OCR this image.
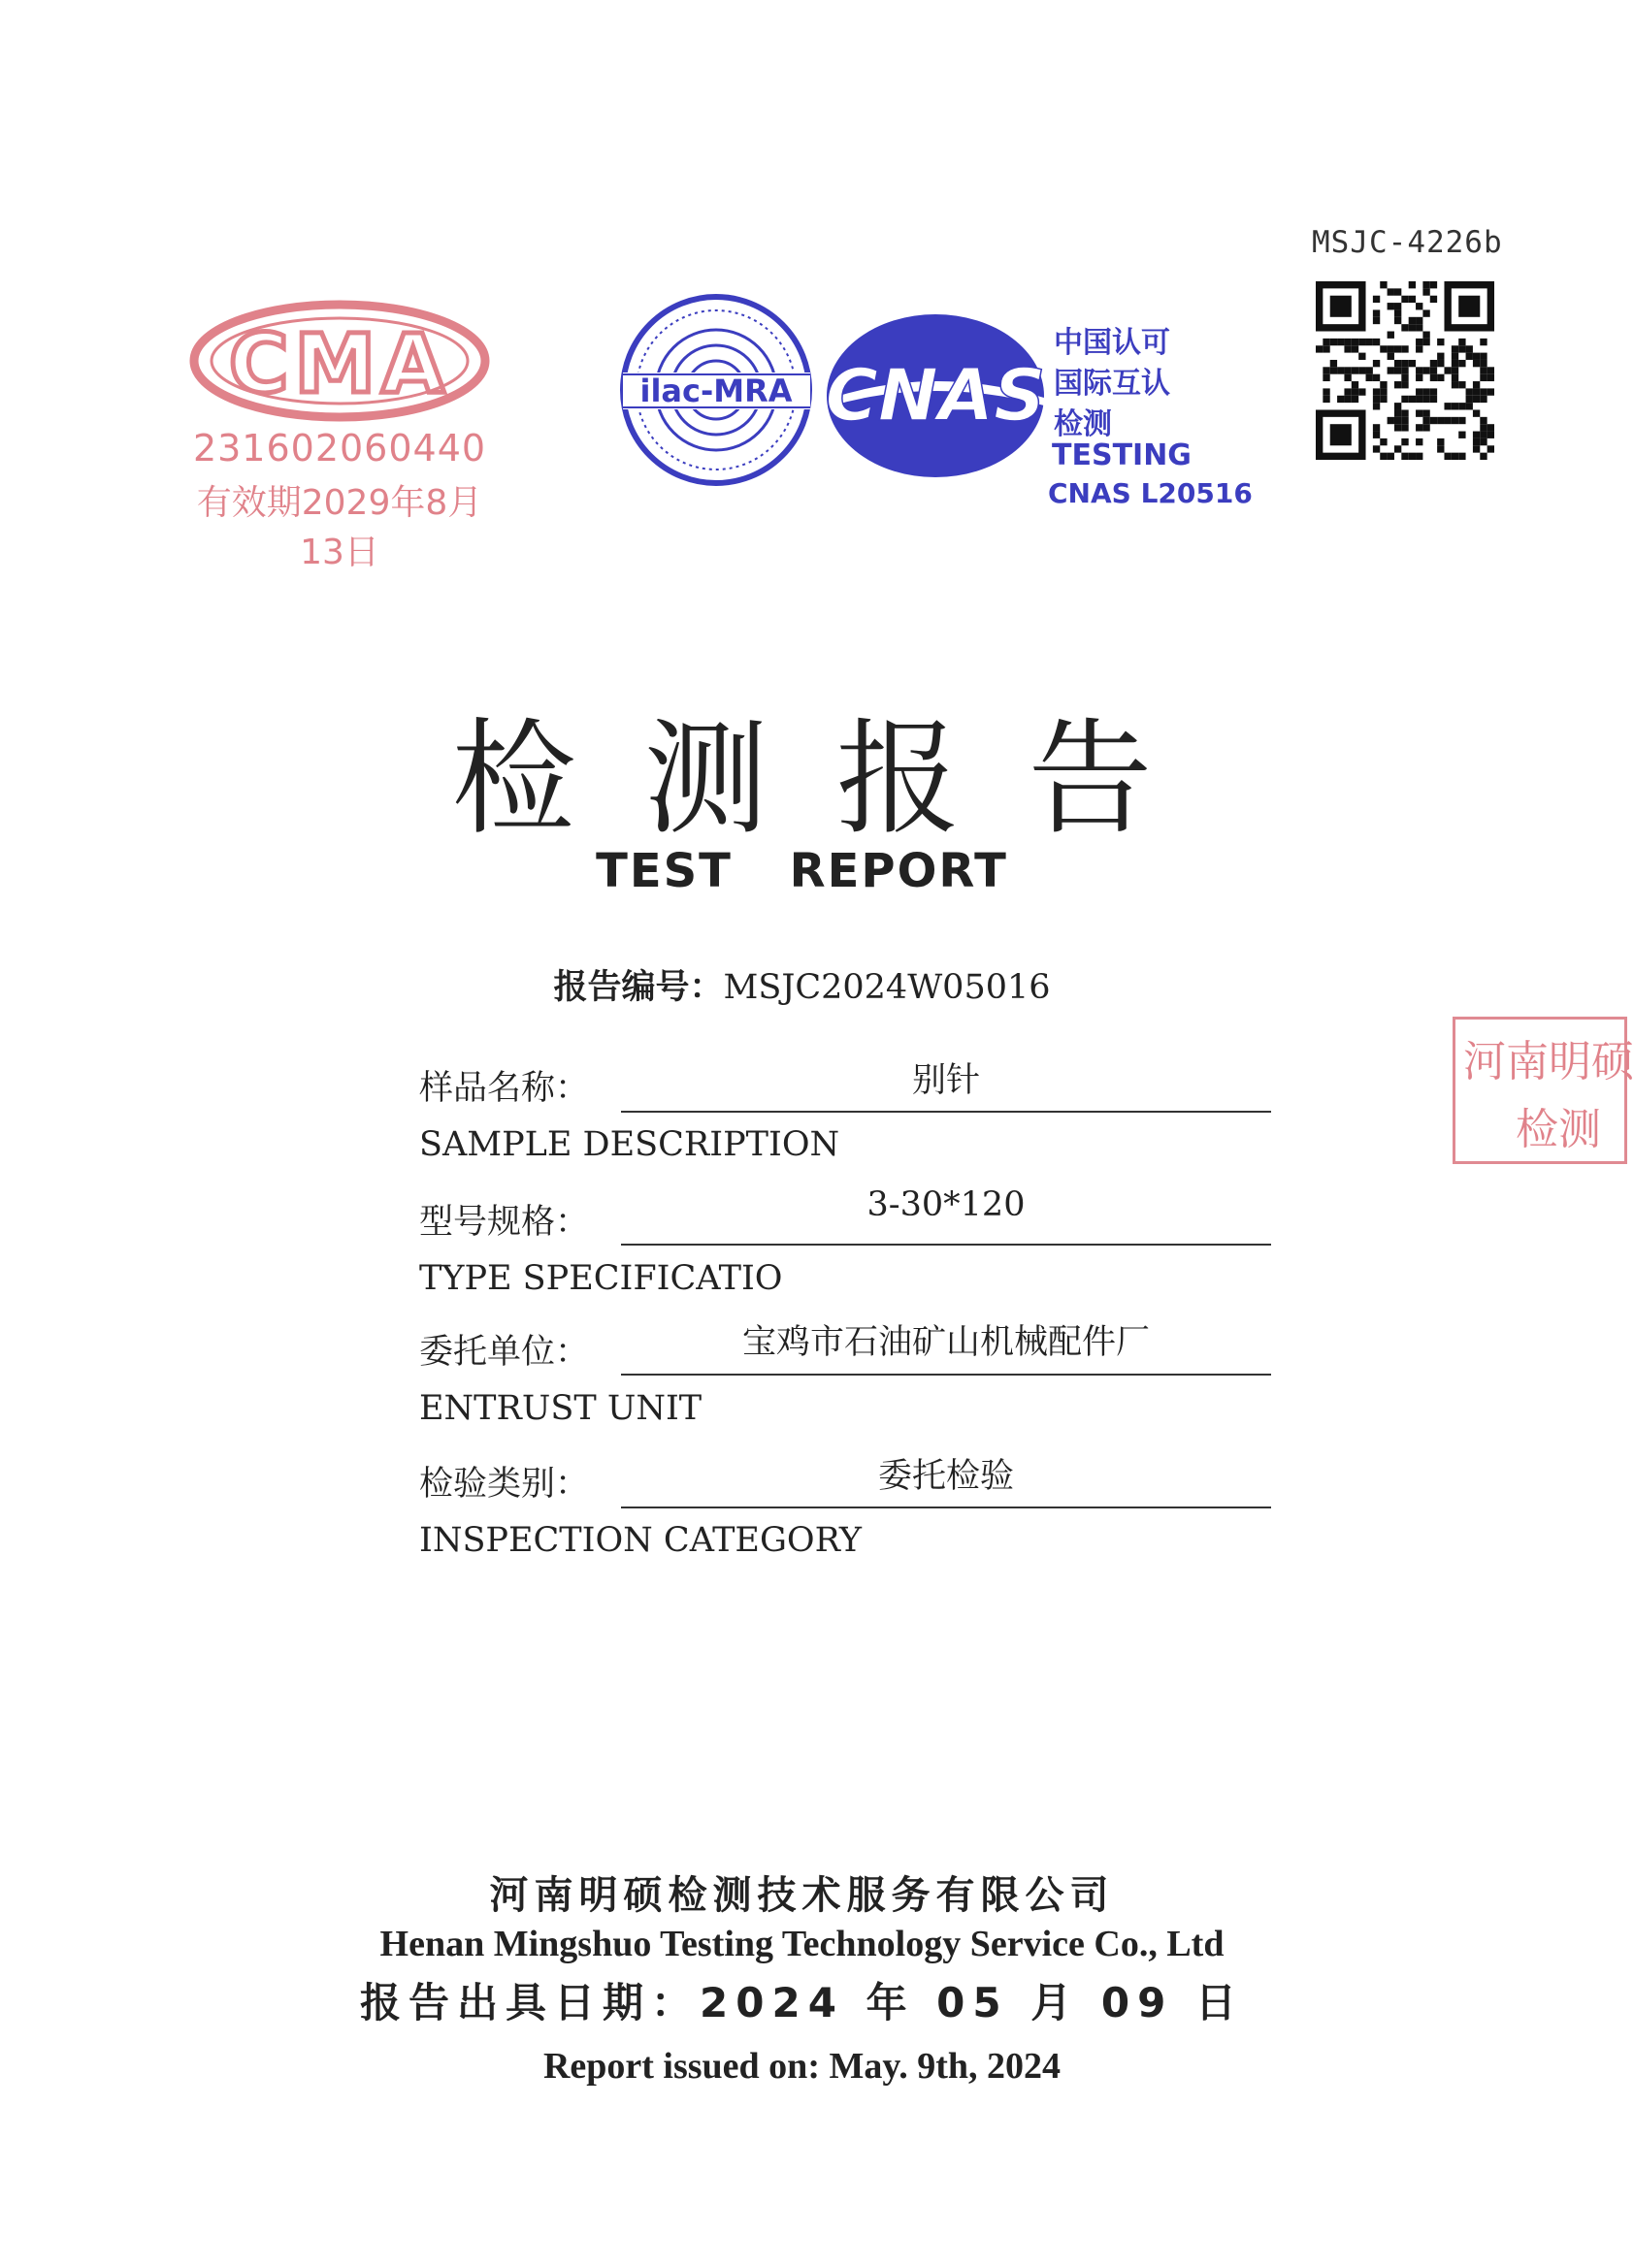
MSJC-4226b
CMA
231602060440
有效期2029年8月13日
ilac-MRA CNAS
中国认可
国际互认
检测
TESTING
CNAS L20516
检测报告
TEST REPORT
报告编号：MSJC2024W05016
样品名称：	别针
SAMPLE DESCRIPTION
型号规格：	3-30*120
TYPE SPECIFICATIO
委托单位：	宝鸡市石油矿山机械配件厂
ENTRUST UNIT
检验类别：	委托检验
INSPECTION CATEGORY
河南明硕
检测
河南明硕检测技术服务有限公司
Henan Mingshuo Testing Technology Service Co., Ltd
报告出具日期：2024 年 05 月 09 日
Report issued on: May. 9th, 2024
